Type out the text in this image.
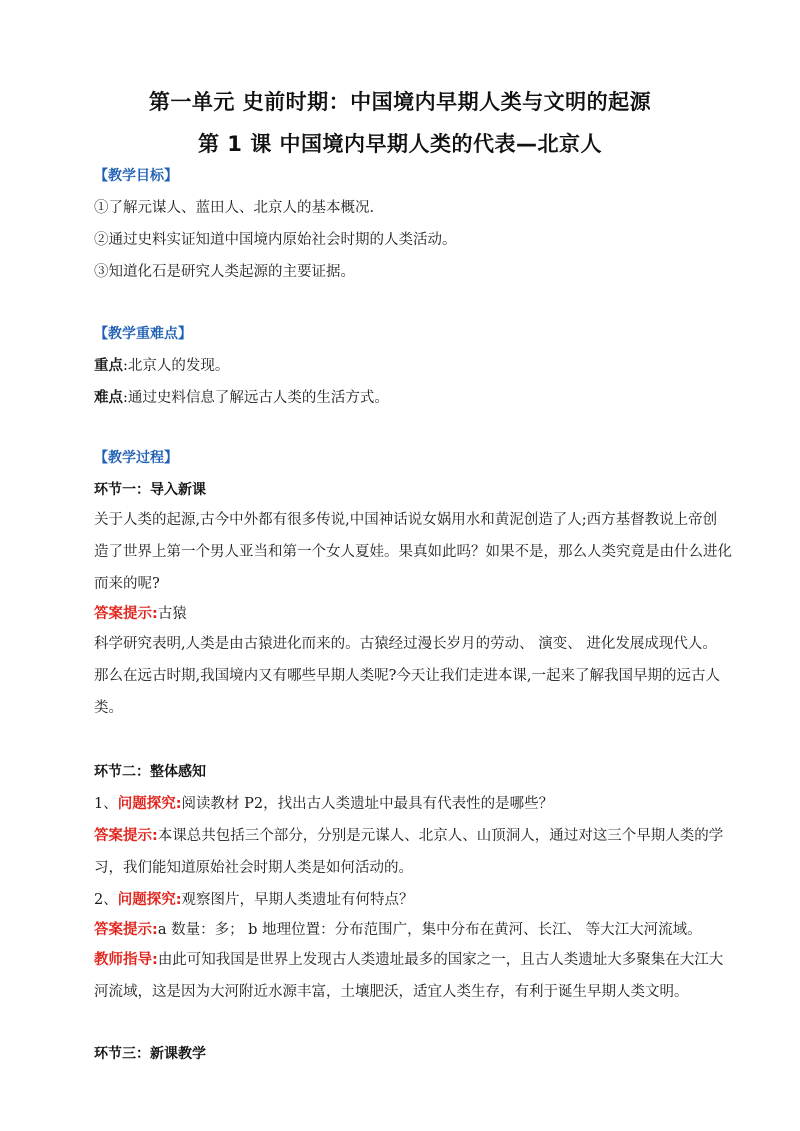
第一单元 史前时期：中国境内早期人类与文明的起源
第 1 课 中国境内早期人类的代表—北京人
【教学目标】
①了解元谋人、蓝田人、北京人的基本概况.
②通过史料实证知道中国境内原始社会时期的人类活动。
③知道化石是研究人类起源的主要证据。
【教学重难点】
重点:北京人的发现。
难点:通过史料信息了解远古人类的生活方式。
【教学过程】
环节一：导入新课
关于人类的起源,古今中外都有很多传说,中国神话说女娲用水和黄泥创造了人;西方基督教说上帝创
造了世界上第一个男人亚当和第一个女人夏娃。果真如此吗？如果不是，那么人类究竟是由什么进化
而来的呢?
答案提示:古猿
科学研究表明,人类是由古猿进化而来的。古猿经过漫长岁月的劳动、 演变、 进化发展成现代人。
那么在远古时期,我国境内又有哪些早期人类呢?今天让我们走进本课,一起来了解我国早期的远古人
类。
环节二：整体感知
1、问题探究:阅读教材 P2，找出古人类遗址中最具有代表性的是哪些？
答案提示:本课总共包括三个部分，分别是元谋人、北京人、山顶洞人，通过对这三个早期人类的学
习，我们能知道原始社会时期人类是如何活动的。
2、问题探究:观察图片，早期人类遗址有何特点？
答案提示:a 数量：多； b 地理位置：分布范围广，集中分布在黄河、长江、 等大江大河流域。
教师指导:由此可知我国是世界上发现古人类遗址最多的国家之一，且古人类遗址大多聚集在大江大
河流域，这是因为大河附近水源丰富，土壤肥沃，适宜人类生存，有利于诞生早期人类文明。
环节三：新课教学
